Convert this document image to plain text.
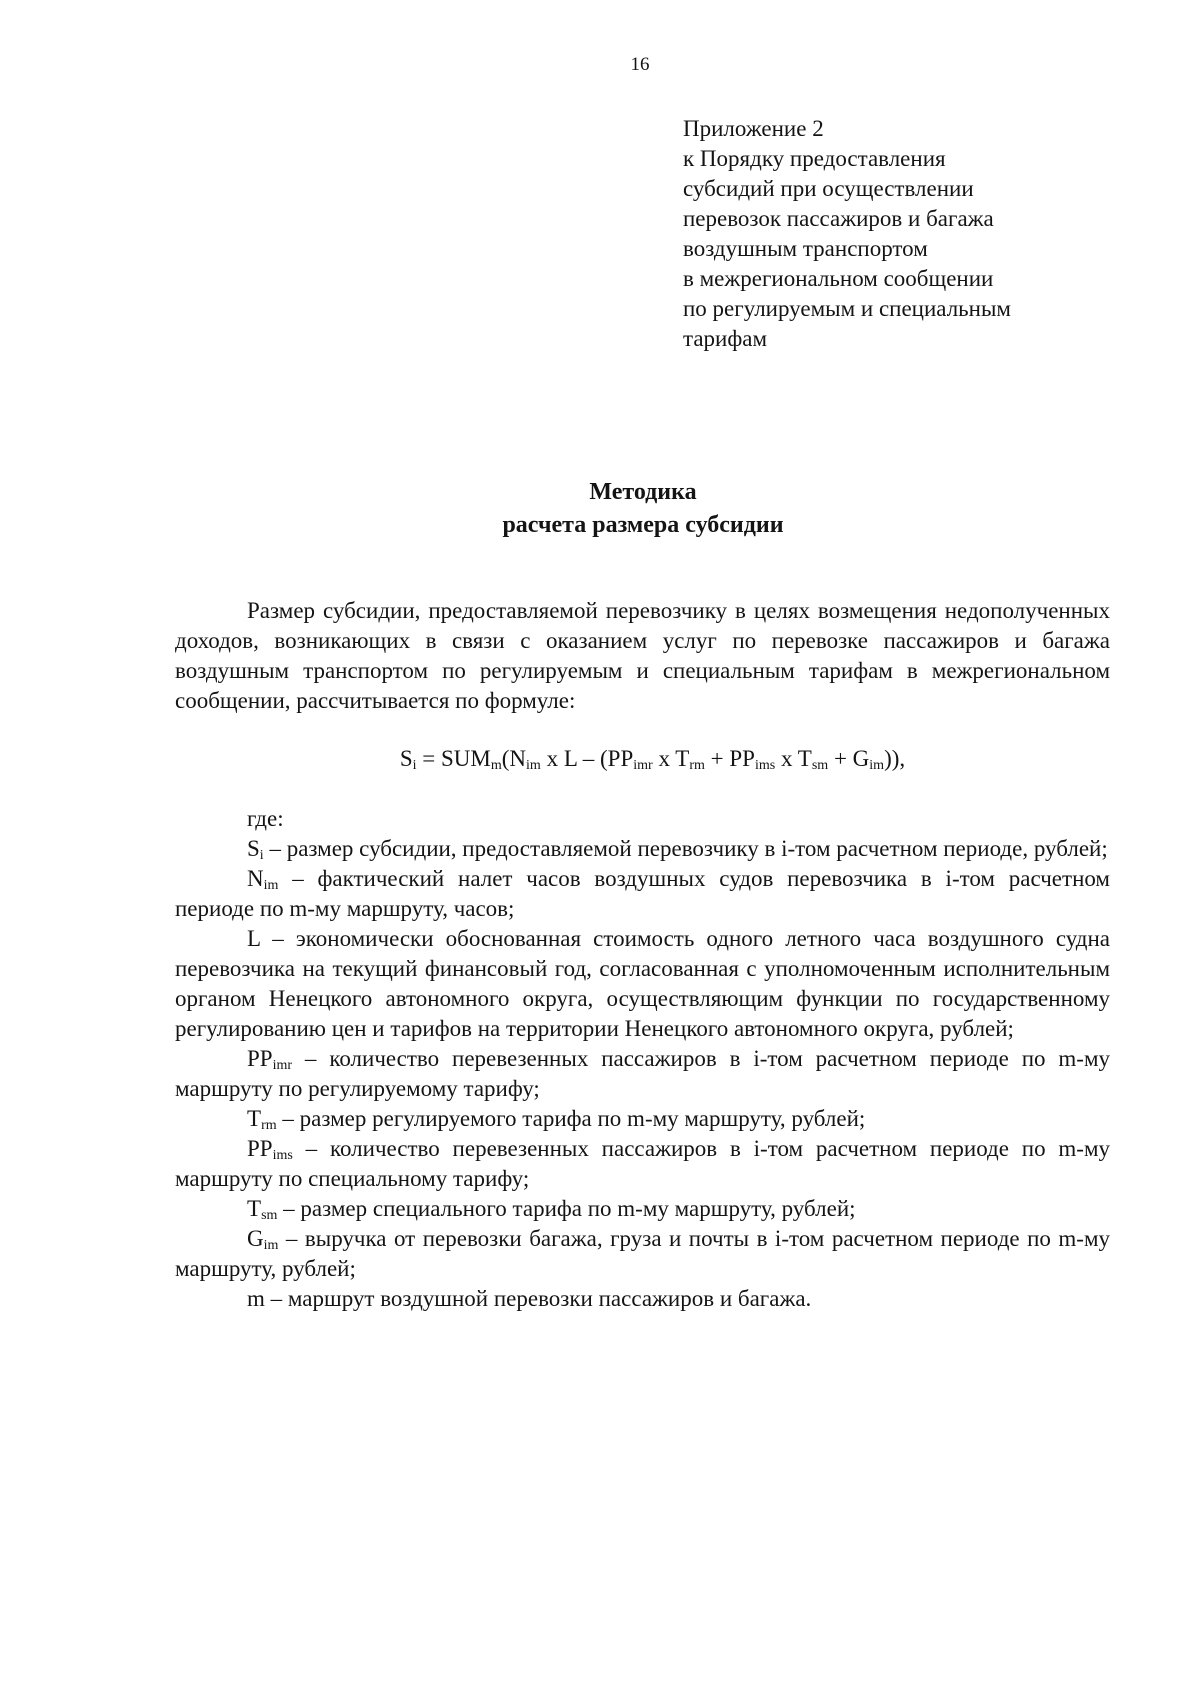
16
Приложение 2
к Порядку предоставления
субсидий при осуществлении
перевозок пассажиров и багажа
воздушным транспортом
в межрегиональном сообщении
по регулируемым и специальным
тарифам
Методика
расчета размера субсидии

Размер субсидии, предоставляемой перевозчику в целях возмещения недополученных доходов, возникающих в связи с оказанием услуг по перевозке пассажиров и багажа воздушным транспортом по регулируемым и специальным тарифам в межрегиональном сообщении, рассчитывается по формуле:

$S_i = SUM_m(N_{im}$ x L – ($PP_{imr}$ x $T_{rm} + PP_{ims}$ x $T_{sm} + G_{im}$)),

где:

$S_i$ – размер субсидии, предоставляемой перевозчику в i-том расчетном периоде, рублей;

$N_{im}$ – фактический налет часов воздушных судов перевозчика в i-том расчетном периоде по m-му маршруту, часов;

L – экономически обоснованная стоимость одного летного часа воздушного судна перевозчика на текущий финансовый год, согласованная с уполномоченным исполнительным органом Ненецкого автономного округа, осуществляющим функции по государственному регулированию цен и тарифов на территории Ненецкого автономного округа, рублей;

$PP_{imr}$ – количество перевезенных пассажиров в i-том расчетном периоде по m-му маршруту по регулируемому тарифу;

$T_{rm}$ – размер регулируемого тарифа по m-му маршруту, рублей;

$PP_{ims}$ – количество перевезенных пассажиров в i-том расчетном периоде по m-му маршруту по специальному тарифу;

$T_{sm}$ – размер специального тарифа по m-му маршруту, рублей;

$G_{im}$ – выручка от перевозки багажа, груза и почты в i-том расчетном периоде по m-му маршруту, рублей;

m – маршрут воздушной перевозки пассажиров и багажа.
